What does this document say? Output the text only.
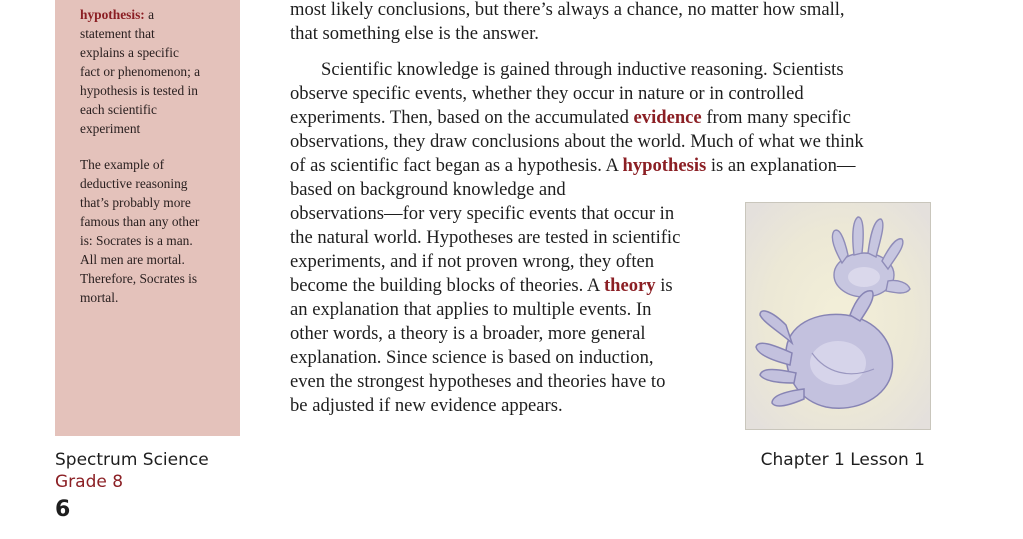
hypothesis: a
statement that
explains a specific
fact or phenomenon; a
hypothesis is tested in
each scientific
experiment
The example of
deductive reasoning
that’s probably more
famous than any other
is: Socrates is a man.
All men are mortal.
Therefore, Socrates is
mortal.
most likely conclusions, but there’s always a chance, no matter how small,
that something else is the answer.
Scientific knowledge is gained through inductive reasoning. Scientists
observe specific events, whether they occur in nature or in controlled
experiments. Then, based on the accumulated evidence from many specific
observations, they draw conclusions about the world. Much of what we think
of as scientific fact began as a hypothesis. A hypothesis is an explanation—
based on background knowledge and
observations—for very specific events that occur in
the natural world. Hypotheses are tested in scientific
experiments, and if not proven wrong, they often
become the building blocks of theories. A theory is
an explanation that applies to multiple events. In
other words, a theory is a broader, more general
explanation. Since science is based on induction,
even the strongest hypotheses and theories have to
be adjusted if new evidence appears.
Spectrum Science
Grade 8
6
Chapter 1 Lesson 1
